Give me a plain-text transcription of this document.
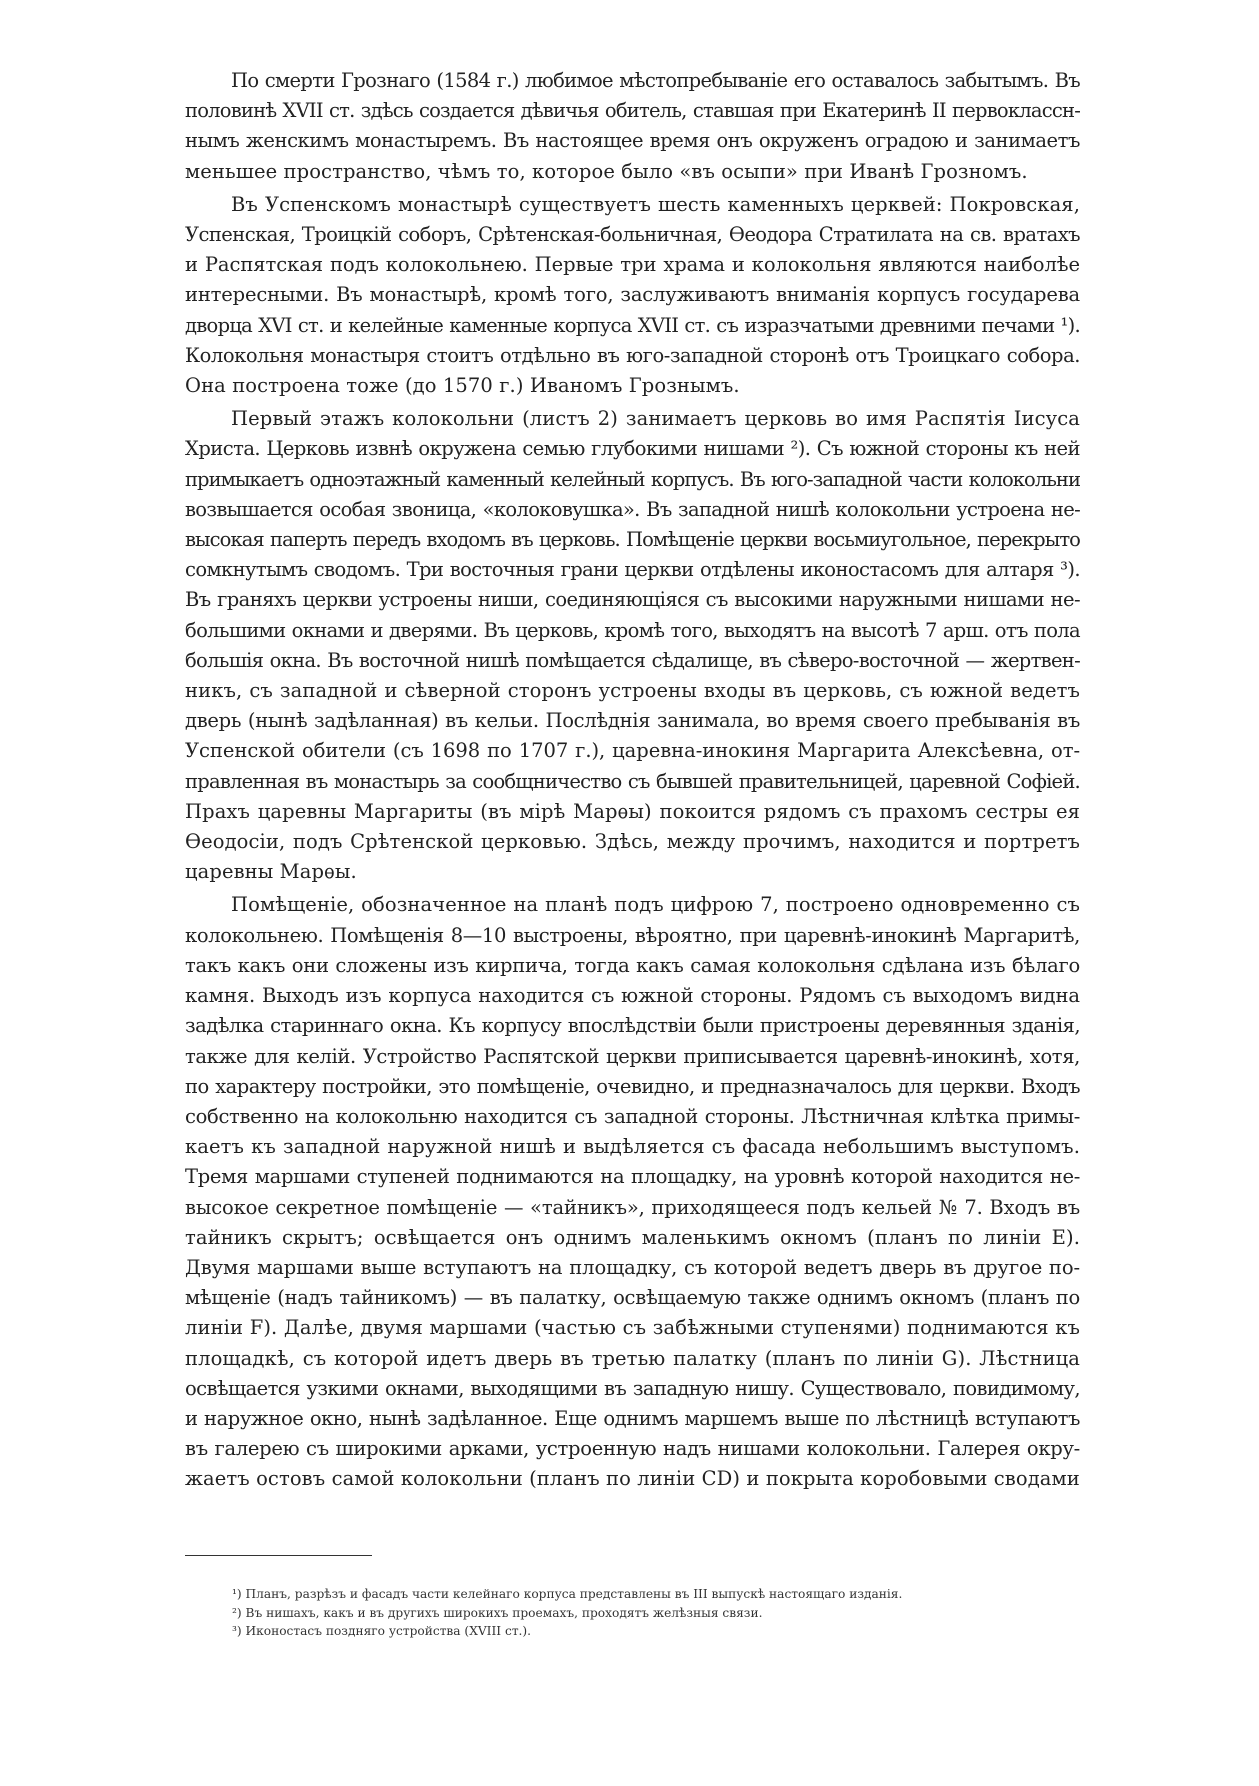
По смерти Грознаго (1584 г.) любимое мѣстопребываніе его оставалось забытымъ. Въ
половинѣ XVII ст. здѣсь создается дѣвичья обитель, ставшая при Екатеринѣ II первоклассн-
нымъ женскимъ монастыремъ. Въ настоящее время онъ окруженъ оградою и занимаетъ
меньшее пространство, чѣмъ то, которое было «въ осыпи» при Иванѣ Грозномъ.
Въ Успенскомъ монастырѣ существуетъ шесть каменныхъ церквей: Покровская,
Успенская, Троицкій соборъ, Срѣтенская-больничная, Ѳеодора Стратилата на св. вратахъ
и Распятская подъ колокольнею. Первые три храма и колокольня являются наиболѣе
интересными. Въ монастырѣ, кромѣ того, заслуживаютъ вниманія корпусъ государева
дворца XVI ст. и келейные каменные корпуса XVII ст. съ изразчатыми древними печами ¹).
Колокольня монастыря стоитъ отдѣльно въ юго-западной сторонѣ отъ Троицкаго собора.
Она построена тоже (до 1570 г.) Иваномъ Грознымъ.
Первый этажъ колокольни (листъ 2) занимаетъ церковь во имя Распятія Іисуса
Христа. Церковь извнѣ окружена семью глубокими нишами ²). Съ южной стороны къ ней
примыкаетъ одноэтажный каменный келейный корпусъ. Въ юго-западной части колокольни
возвышается особая звоница, «колоковушка». Въ западной нишѣ колокольни устроена не-
высокая паперть передъ входомъ въ церковь. Помѣщеніе церкви восьмиугольное, перекрыто
сомкнутымъ сводомъ. Три восточныя грани церкви отдѣлены иконостасомъ для алтаря ³).
Въ граняхъ церкви устроены ниши, соединяющіяся съ высокими наружными нишами не-
большими окнами и дверями. Въ церковь, кромѣ того, выходятъ на высотѣ 7 арш. отъ пола
большія окна. Въ восточной нишѣ помѣщается сѣдалище, въ сѣверо-восточной — жертвен-
никъ, съ западной и сѣверной сторонъ устроены входы въ церковь, съ южной ведетъ
дверь (нынѣ задѣланная) въ кельи. Послѣднія занимала, во время своего пребыванія въ
Успенской обители (съ 1698 по 1707 г.), царевна-инокиня Маргарита Алексѣевна, от-
правленная въ монастырь за сообщничество съ бывшей правительницей, царевной Софіей.
Прахъ царевны Маргариты (въ мірѣ Марѳы) покоится рядомъ съ прахомъ сестры ея
Ѳеодосіи, подъ Срѣтенской церковью. Здѣсь, между прочимъ, находится и портретъ
царевны Марѳы.
Помѣщеніе, обозначенное на планѣ подъ цифрою 7, построено одновременно съ
колокольнею. Помѣщенія 8—10 выстроены, вѣроятно, при царевнѣ-инокинѣ Маргаритѣ,
такъ какъ они сложены изъ кирпича, тогда какъ самая колокольня сдѣлана изъ бѣлаго
камня. Выходъ изъ корпуса находится съ южной стороны. Рядомъ съ выходомъ видна
задѣлка стариннаго окна. Къ корпусу впослѣдствіи были пристроены деревянныя зданія,
также для келій. Устройство Распятской церкви приписывается царевнѣ-инокинѣ, хотя,
по характеру постройки, это помѣщеніе, очевидно, и предназначалось для церкви. Входъ
собственно на колокольню находится съ западной стороны. Лѣстничная клѣтка примы-
каетъ къ западной наружной нишѣ и выдѣляется съ фасада небольшимъ выступомъ.
Тремя маршами ступеней поднимаются на площадку, на уровнѣ которой находится не-
высокое секретное помѣщеніе — «тайникъ», приходящееся подъ кельей № 7. Входъ въ
тайникъ скрытъ; освѣщается онъ однимъ маленькимъ окномъ (планъ по линіи E).
Двумя маршами выше вступаютъ на площадку, съ которой ведетъ дверь въ другое по-
мѣщеніе (надъ тайникомъ) — въ палатку, освѣщаемую также однимъ окномъ (планъ по
линіи F). Далѣе, двумя маршами (частью съ забѣжными ступенями) поднимаются къ
площадкѣ, съ которой идетъ дверь въ третью палатку (планъ по линіи G). Лѣстница
освѣщается узкими окнами, выходящими въ западную нишу. Существовало, повидимому,
и наружное окно, нынѣ задѣланное. Еще однимъ маршемъ выше по лѣстницѣ вступаютъ
въ галерею съ широкими арками, устроенную надъ нишами колокольни. Галерея окру-
жаетъ остовъ самой колокольни (планъ по линіи CD) и покрыта коробовыми сводами
¹) Планъ, разрѣзъ и фасадъ части келейнаго корпуса представлены въ III выпускѣ настоящаго изданія.
²) Въ нишахъ, какъ и въ другихъ широкихъ проемахъ, проходятъ желѣзныя связи.
³) Иконостасъ поздняго устройства (XVIII ст.).
